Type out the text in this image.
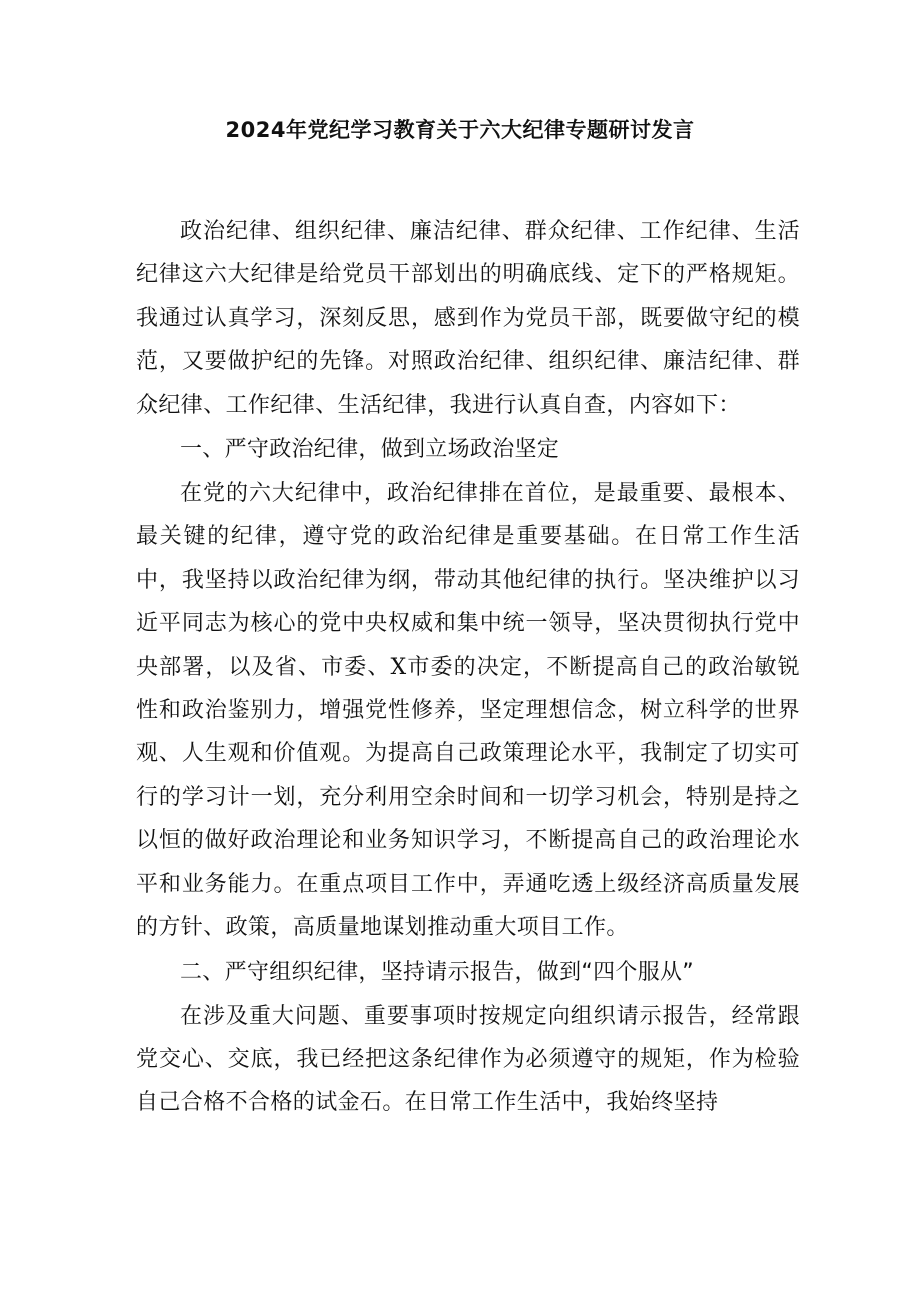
2024年党纪学习教育关于六大纪律专题研讨发言

政治纪律、组织纪律、廉洁纪律、群众纪律、工作纪律、生活纪律这六大纪律是给党员干部划出的明确底线、定下的严格规矩。我通过认真学习，深刻反思，感到作为党员干部，既要做守纪的模范，又要做护纪的先锋。对照政治纪律、组织纪律、廉洁纪律、群众纪律、工作纪律、生活纪律，我进行认真自查，内容如下：

一、严守政治纪律，做到立场政治坚定

在党的六大纪律中，政治纪律排在首位，是最重要、最根本、最关键的纪律，遵守党的政治纪律是重要基础。在日常工作生活中，我坚持以政治纪律为纲，带动其他纪律的执行。坚决维护以习近平同志为核心的党中央权威和集中统一领导，坚决贯彻执行党中央部署，以及省、市委、X市委的决定，不断提高自己的政治敏锐性和政治鉴别力，增强党性修养，坚定理想信念，树立科学的世界观、人生观和价值观。为提高自己政策理论水平，我制定了切实可行的学习计一划，充分利用空余时间和一切学习机会，特别是持之以恒的做好政治理论和业务知识学习，不断提高自己的政治理论水平和业务能力。在重点项目工作中，弄通吃透上级经济高质量发展的方针、政策，高质量地谋划推动重大项目工作。

二、严守组织纪律，坚持请示报告，做到“四个服从”

在涉及重大问题、重要事项时按规定向组织请示报告，经常跟党交心、交底，我已经把这条纪律作为必须遵守的规矩，作为检验自己合格不合格的试金石。在日常工作生活中，我始终坚持
